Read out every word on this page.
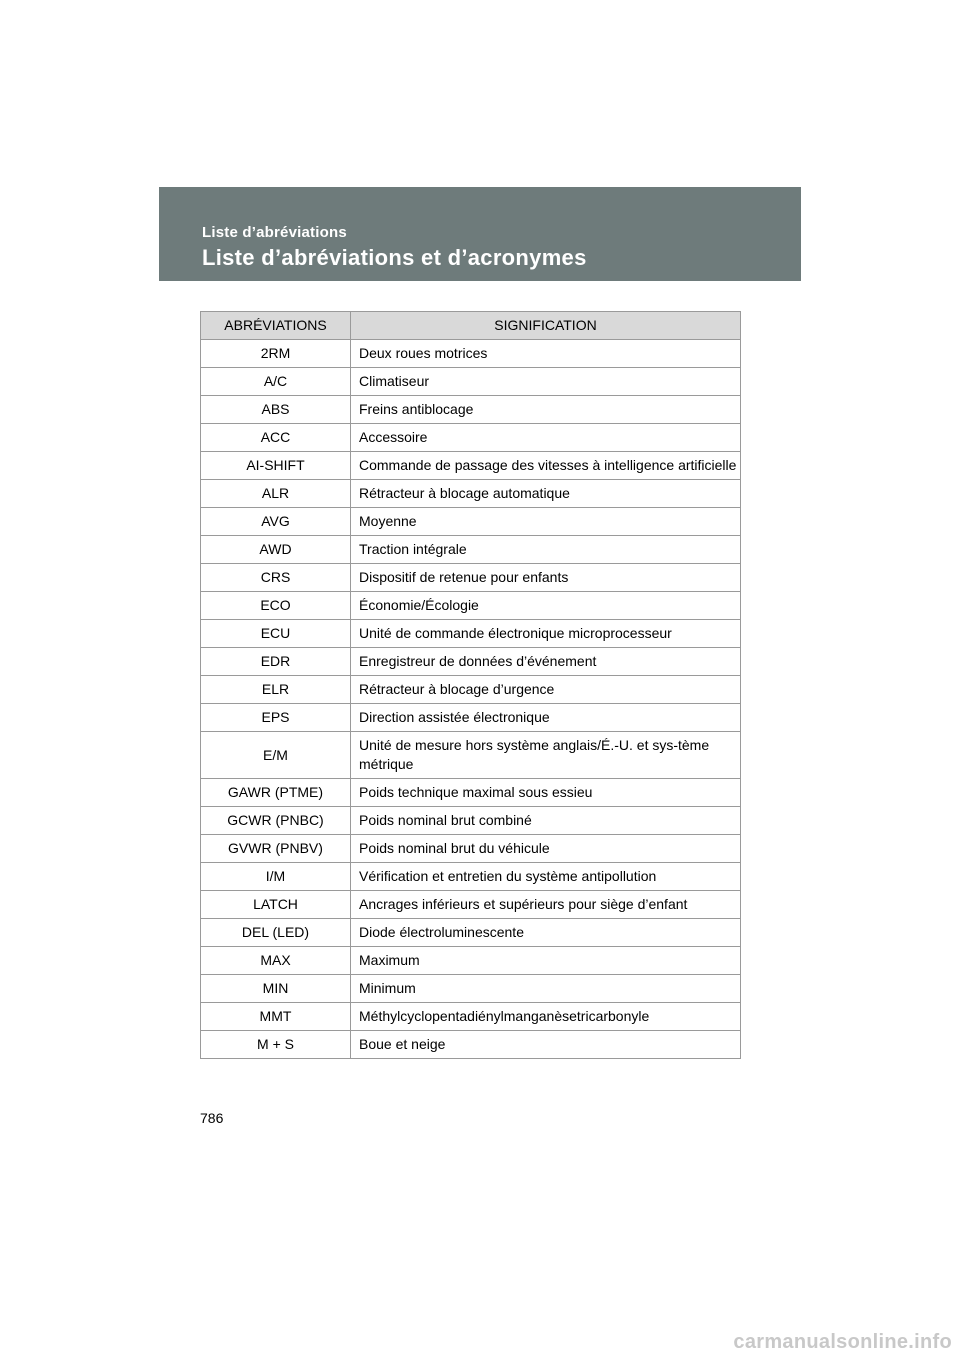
Liste d’abréviations
Liste d’abréviations et d’acronymes
ABRÉVIATIONS	SIGNIFICATION
2RM	Deux roues motrices
A/C	Climatiseur
ABS	Freins antiblocage
ACC	Accessoire
AI-SHIFT	Commande de passage des vitesses à intelligence artificielle
ALR	Rétracteur à blocage automatique
AVG	Moyenne
AWD	Traction intégrale
CRS	Dispositif de retenue pour enfants
ECO	Économie/Écologie
ECU	Unité de commande électronique microprocesseur
EDR	Enregistreur de données d’événement
ELR	Rétracteur à blocage d’urgence
EPS	Direction assistée électronique
E/M	Unité de mesure hors système anglais/É.-U. et sys-tème métrique
GAWR (PTME)	Poids technique maximal sous essieu
GCWR (PNBC)	Poids nominal brut combiné
GVWR (PNBV)	Poids nominal brut du véhicule
I/M	Vérification et entretien du système antipollution
LATCH	Ancrages inférieurs et supérieurs pour siège d’enfant
DEL (LED)	Diode électroluminescente
MAX	Maximum
MIN	Minimum
MMT	Méthylcyclopentadiénylmanganèsetricarbonyle
M + S	Boue et neige
786
carmanualsonline.info
